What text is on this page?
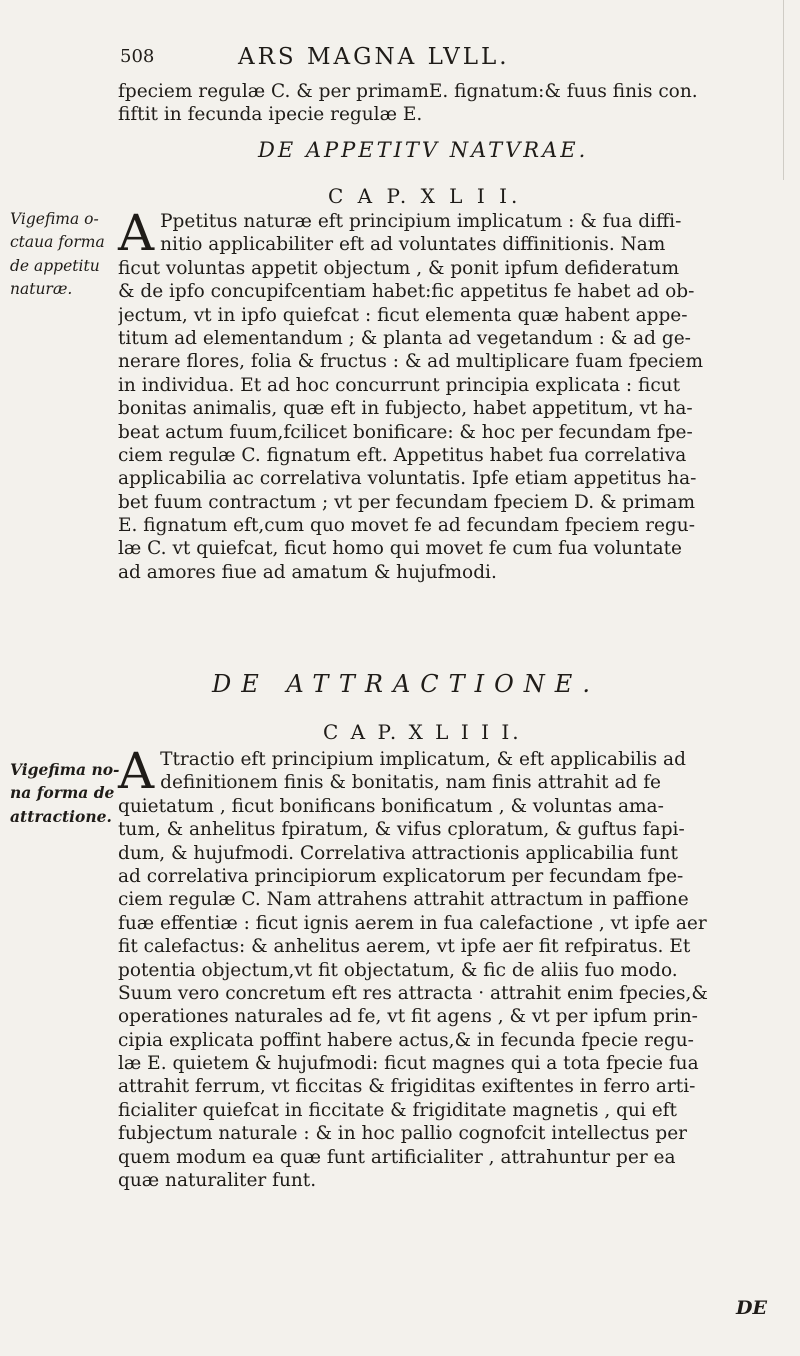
508	ARS MAGNA LVLL.
fpeciem regulæ C. & per primamE. fignatum:& fuus finis con.
fiftit in fecunda ipecie regulæ E.
DE APPETITV NATVRAE.
C A P. X L I I.
Vigefima o-
ctaua forma
de appetitu
naturæ.
A Ppetitus naturæ eft principium implicatum : & fua diffi-
nitio applicabiliter eft ad voluntates diffinitionis. Nam
ficut voluntas appetit objectum , & ponit ipfum defideratum
& de ipfo concupifcentiam habet:fic appetitus fe habet ad ob-
jectum, vt in ipfo quiefcat : ficut elementa quæ habent appe-
titum ad elementandum ; & planta ad vegetandum : & ad ge-
nerare flores, folia & fructus : & ad multiplicare fuam fpeciem
in individua. Et ad hoc concurrunt principia explicata : ficut
bonitas animalis, quæ eft in fubjecto, habet appetitum, vt ha-
beat actum fuum,fcilicet bonificare: & hoc per fecundam fpe-
ciem regulæ C. fignatum eft. Appetitus habet fua correlativa
applicabilia ac correlativa voluntatis. Ipfe etiam appetitus ha-
bet fuum contractum ; vt per fecundam fpeciem D. & primam
E. fignatum eft,cum quo movet fe ad fecundam fpeciem regu-
læ C. vt quiefcat, ficut homo qui movet fe cum fua voluntate
ad amores fiue ad amatum & hujufmodi.
DE ATTRACTIONE.
C A P. X L I I I.
Vigefima no-
na forma de
attractione.
A Ttractio eft principium implicatum, & eft applicabilis ad
definitionem finis & bonitatis, nam finis attrahit ad fe
quietatum , ficut bonificans bonificatum , & voluntas ama-
tum, & anhelitus fpiratum, & vifus cploratum, & guftus fapi-
dum, & hujufmodi. Correlativa attractionis applicabilia funt
ad correlativa principiorum explicatorum per fecundam fpe-
ciem regulæ C. Nam attrahens attrahit attractum in paffione
fuæ effentiæ : ficut ignis aerem in fua calefactione , vt ipfe aer
fit calefactus: & anhelitus aerem, vt ipfe aer fit refpiratus. Et
potentia objectum,vt fit objectatum, & fic de aliis fuo modo.
Suum vero concretum eft res attracta · attrahit enim fpecies,&
operationes naturales ad fe, vt fit agens , & vt per ipfum prin-
cipia explicata poffint habere actus,& in fecunda fpecie regu-
læ E. quietem & hujufmodi: ficut magnes qui a tota fpecie fua
attrahit ferrum, vt ficcitas & frigiditas exiftentes in ferro arti-
ficialiter quiefcat in ficcitate & frigiditate magnetis , qui eft
fubjectum naturale : & in hoc pallio cognofcit intellectus per
quem modum ea quæ funt artificialiter , attrahuntur per ea
quæ naturaliter funt.
DE
